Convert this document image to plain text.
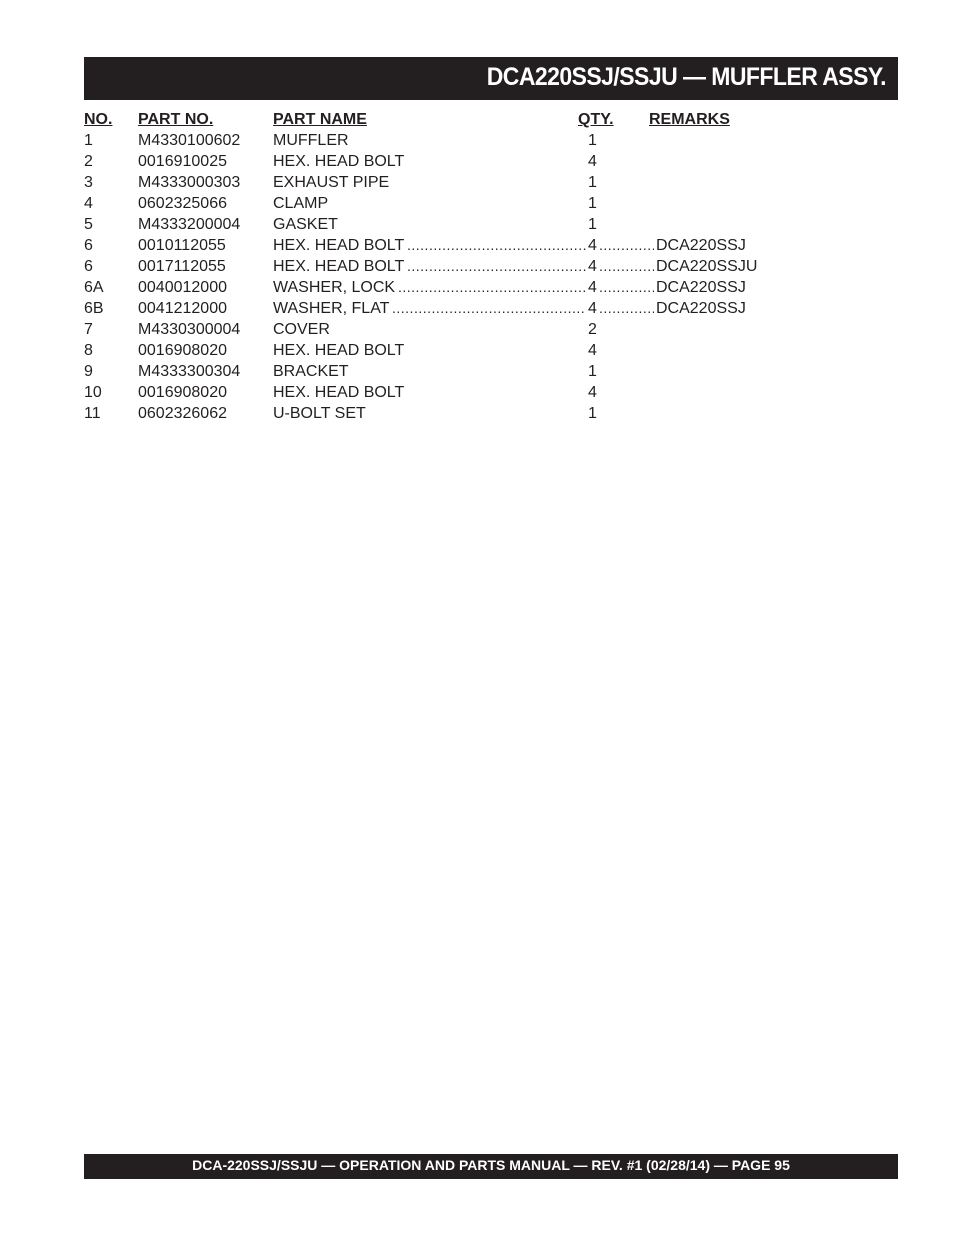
DCA220SSJ/SSJU — MUFFLER ASSY.
NO. PART NO.	PART NAME	QTY. REMARKS
1	M4330100602 MUFFLER	1
2	0016910025	HEX. HEAD BOLT	4
3	M4333000303 EXHAUST PIPE	1
4	0602325066	CLAMP	1
5	M4333200004 GASKET	1
6	0010112055	HEX. HEAD BOLT	4	DCA220SSJ
.....
.....
6	0017112055	HEX. HEAD BOLT	4	DCA220SSJU
.....
.....
6A 0040012000	WASHER, LOCK	4	DCA220SSJ
.....
.....
6B 0041212000	WASHER, FLAT	4	DCA220SSJ
.....
.....
7	M4330300004 COVER	2
8	0016908020	HEX. HEAD BOLT	4
9	M4333300304 BRACKET	1
10 0016908020	HEX. HEAD BOLT	4
11 0602326062	U-BOLT SET	1
DCA-220SSJ/SSJU — OPERATION AND PARTS MANUAL — REV. #1 (02/28/14) — PAGE 95
